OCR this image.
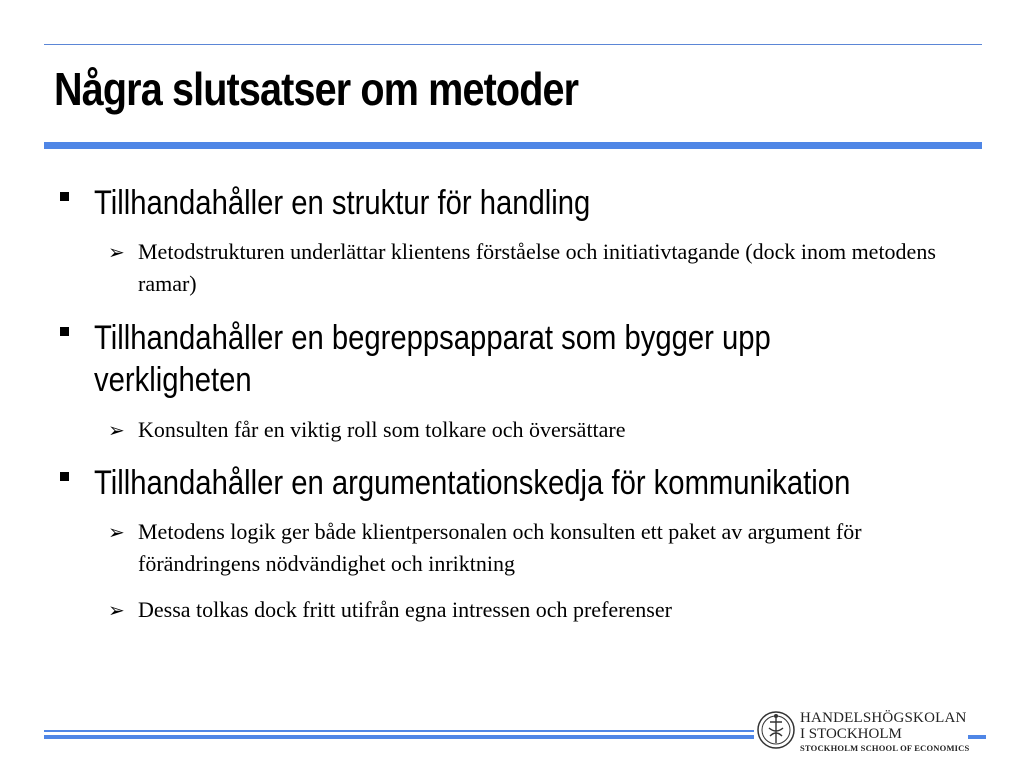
Några slutsatser om metoder
Tillhandahåller en struktur för handling
➢ Metodstrukturen underlättar klientens förståelse och initiativtagande (dock inom metodens ramar)
Tillhandahåller en begreppsapparat som bygger upp verkligheten
➢ Konsulten får en viktig roll som tolkare och översättare
Tillhandahåller en argumentationskedja för kommunikation
➢ Metodens logik ger både klientpersonalen och konsulten ett paket av argument för förändringens nödvändighet och inriktning
➢ Dessa tolkas dock fritt utifrån egna intressen och preferenser
HANDELSHÖGSKOLAN
I STOCKHOLM
STOCKHOLM SCHOOL OF ECONOMICS
